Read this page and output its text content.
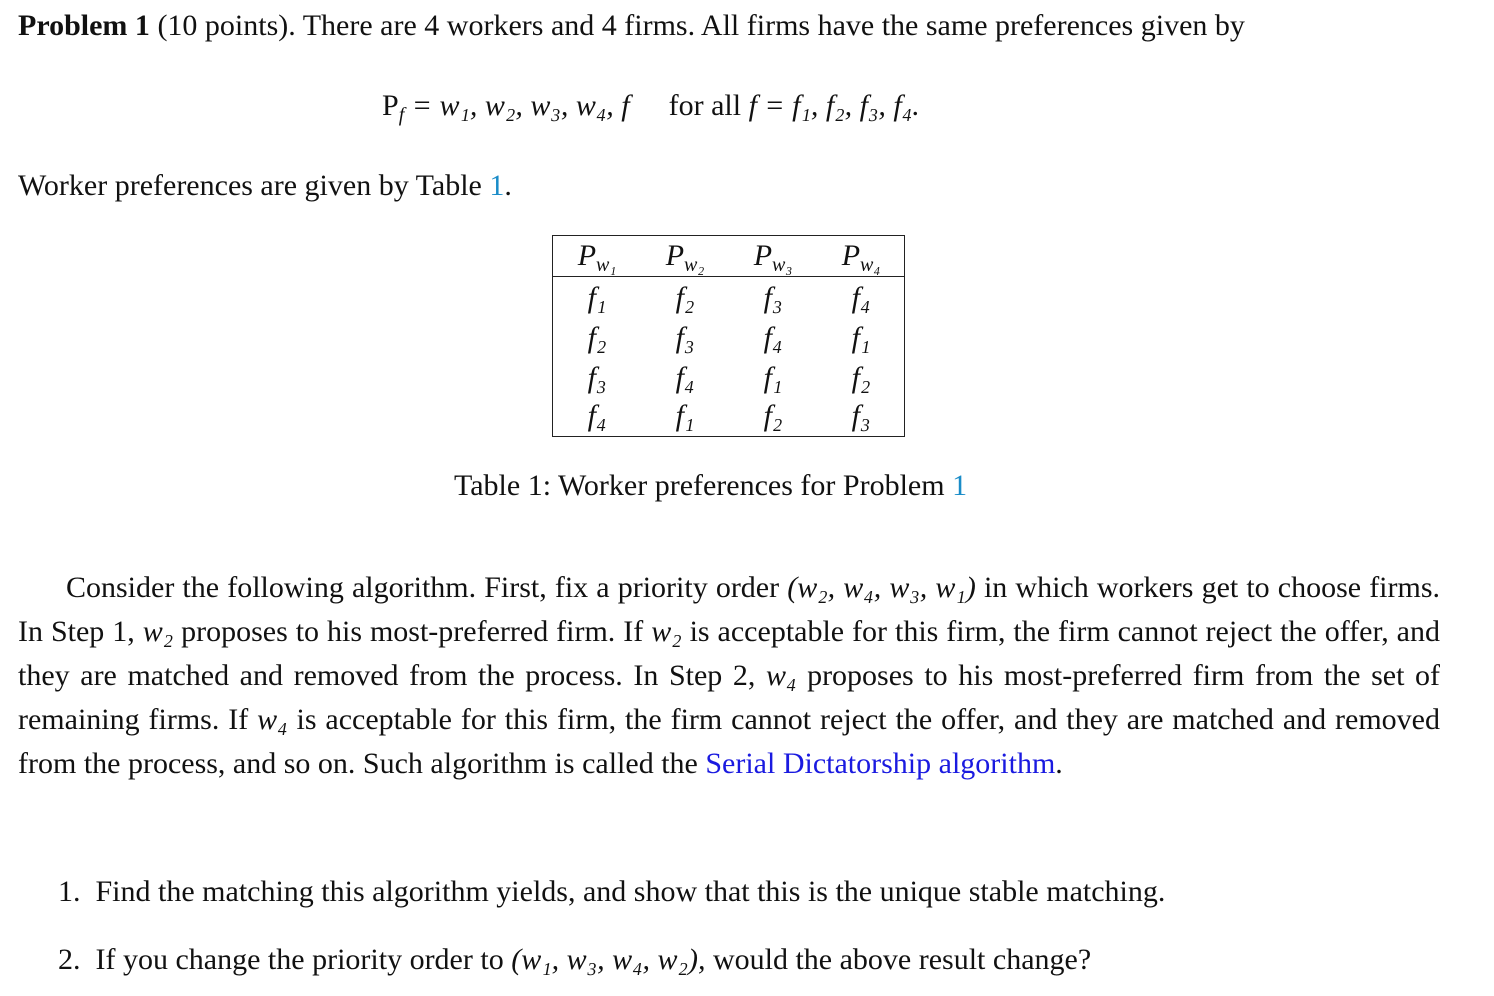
Problem 1 (10 points). There are 4 workers and 4 firms. All firms have the same preferences given by
$P_f = w_1$, w₂, w₃, w₄, f for all f = f₁, f₂, f₃, f₄.
Worker preferences are given by Table 1.
$P_{w_1}$	$P_{w_2}$	$P_{w_3}$	$P_{w_4}$
f₁	f₂	f₃	f₄
f₂	f₃	f₄	f₁
f₃	f₄	f₁	f₂
f₄	f₁	f₂	f₃
Table 1: Worker preferences for Problem 1
Consider the following algorithm. First, fix a priority order (w₂, w₄, w₃, w₁) in which workers get to choose firms. In Step 1, w₂ proposes to his most-preferred firm. If w₂ is acceptable for this firm, the firm cannot reject the offer, and they are matched and removed from the process. In Step 2, w₄ proposes to his most-preferred firm from the set of remaining firms. If w₄ is acceptable for this firm, the firm cannot reject the offer, and they are matched and removed from the process, and so on. Such algorithm is called the Serial Dictatorship algorithm.
1. Find the matching this algorithm yields, and show that this is the unique stable matching.
2. If you change the priority order to (w₁, w₃, w₄, w₂), would the above result change?
